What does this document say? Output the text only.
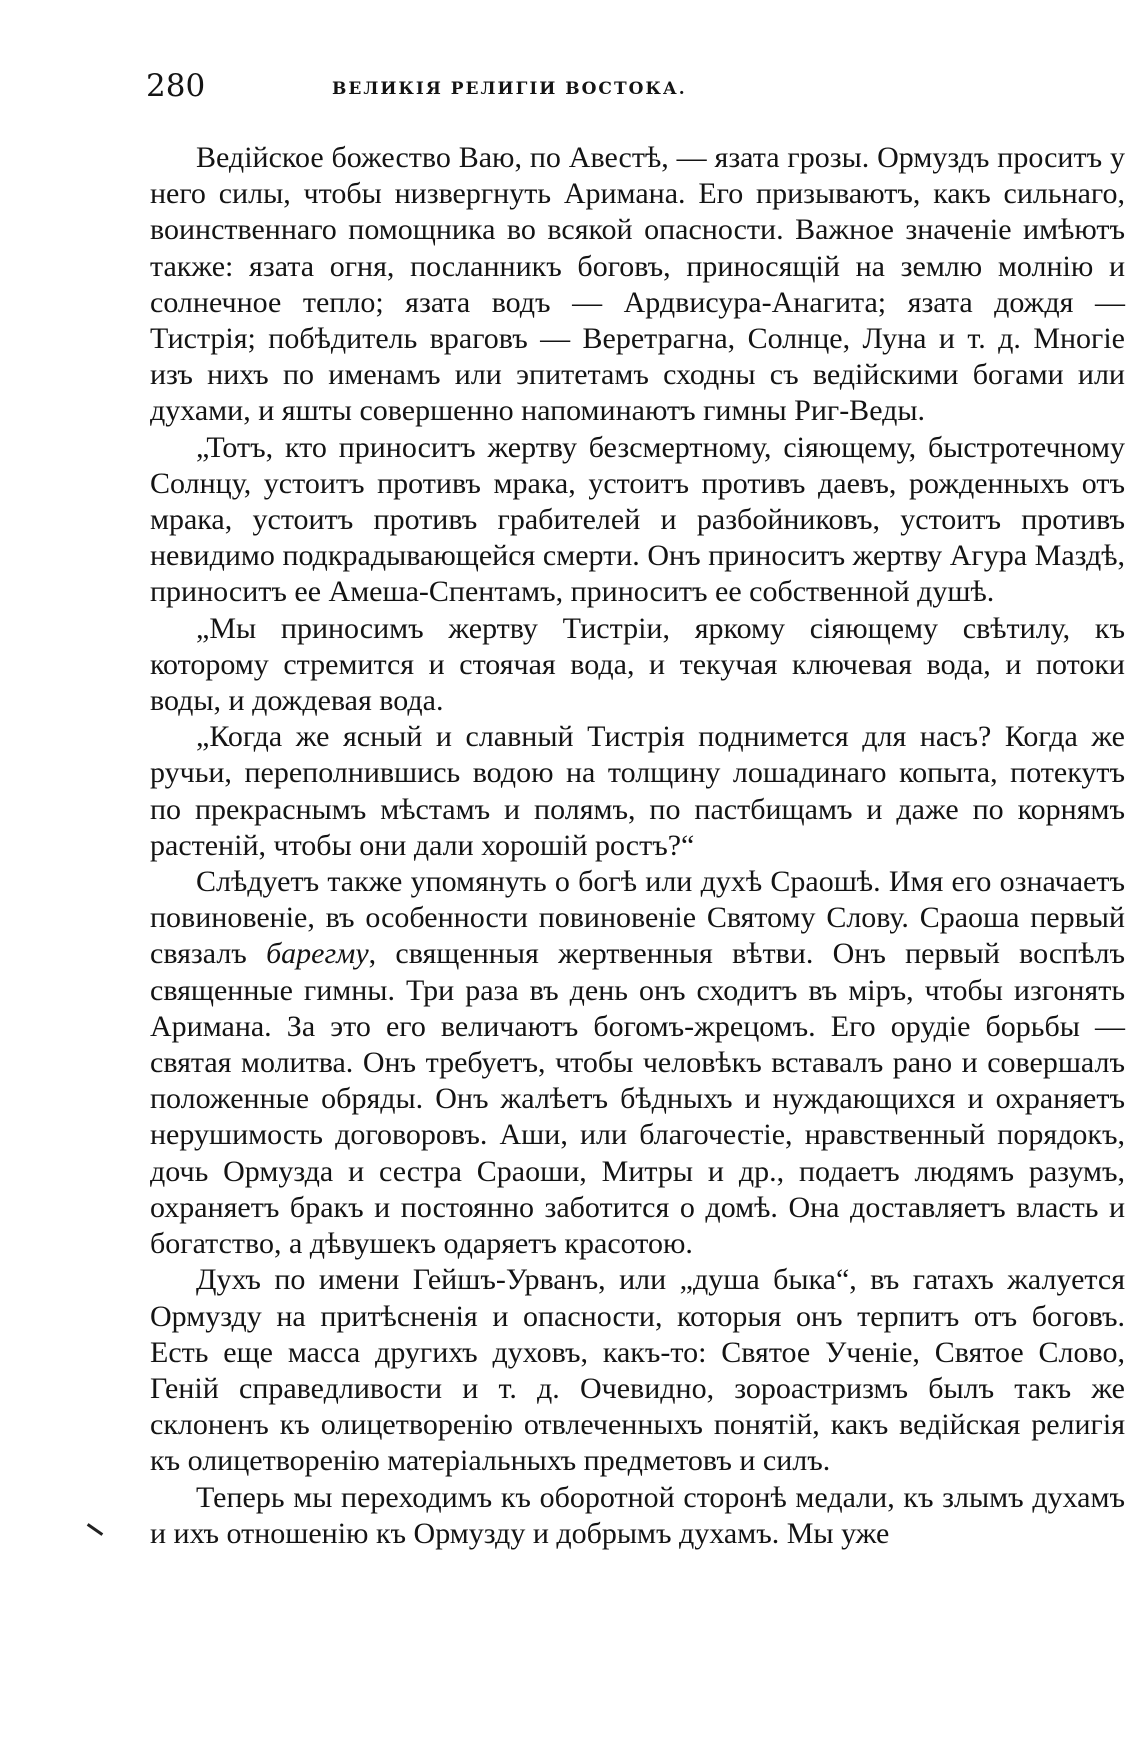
280	ВЕЛИКІЯ РЕЛИГІИ ВОСТОКА.

Ведійское божество Ваю, по Авестѣ, — язата грозы. Ормуздъ проситъ у него силы, чтобы низвергнуть Аримана. Его призываютъ, какъ сильнаго, воинственнаго помощника во всякой опасности. Важное значеніе имѣютъ также: язата огня, посланникъ боговъ, приносящій на землю молнію и солнечное тепло; язата водъ — Ардвисура-Анагита; язата дождя — Тистрія; побѣдитель враговъ — Веретрагна, Солнце, Луна и т. д. Многіе изъ нихъ по именамъ или эпитетамъ сходны съ ведійскими богами или духами, и яшты совершенно напоминаютъ гимны Риг-Веды.

„Тотъ, кто приноситъ жертву безсмертному, сіяющему, быстротечному Солнцу, устоитъ противъ мрака, устоитъ противъ даевъ, рожденныхъ отъ мрака, устоитъ противъ грабителей и разбойниковъ, устоитъ противъ невидимо подкрадывающейся смерти. Онъ приноситъ жертву Агура Маздѣ, приноситъ ее Амеша-Спентамъ, приноситъ ее собственной душѣ.

„Мы приносимъ жертву Тистріи, яркому сіяющему свѣтилу, къ которому стремится и стоячая вода, и текучая ключевая вода, и потоки воды, и дождевая вода.

„Когда же ясный и славный Тистрія поднимется для насъ? Когда же ручьи, переполнившись водою на толщину лошадинаго копыта, потекутъ по прекраснымъ мѣстамъ и полямъ, по пастбищамъ и даже по корнямъ растеній, чтобы они дали хорошій ростъ?“

Слѣдуетъ также упомянуть о богѣ или духѣ Сраошѣ. Имя его означаетъ повиновеніе, въ особенности повиновеніе Святому Слову. Сраоша первый связалъ барегму, священныя жертвенныя вѣтви. Онъ первый воспѣлъ священные гимны. Три раза въ день онъ сходитъ въ міръ, чтобы изгонять Аримана. За это его величаютъ богомъ-жрецомъ. Его орудіе борьбы — святая молитва. Онъ требуетъ, чтобы человѣкъ вставалъ рано и совершалъ положенные обряды. Онъ жалѣетъ бѣдныхъ и нуждающихся и охраняетъ нерушимость договоровъ. Аши, или благочестіе, нравственный порядокъ, дочь Ормузда и сестра Сраоши, Митры и др., подаетъ людямъ разумъ, охраняетъ бракъ и постоянно заботится о домѣ. Она доставляетъ власть и богатство, а дѣвушекъ одаряетъ красотою.

Духъ по имени Гейшъ-Урванъ, или „душа быка“, въ гатахъ жалуется Ормузду на притѣсненія и опасности, которыя онъ терпитъ отъ боговъ. Есть еще масса другихъ духовъ, какъ-то: Святое Ученіе, Святое Слово, Геній справедливости и т. д. Очевидно, зороастризмъ былъ такъ же склоненъ къ олицетворенію отвлеченныхъ понятій, какъ ведійская религія къ олицетворенію матеріальныхъ предметовъ и силъ.

Теперь мы переходимъ къ оборотной сторонѣ медали, къ злымъ духамъ и ихъ отношенію къ Ормузду и добрымъ духамъ. Мы уже
